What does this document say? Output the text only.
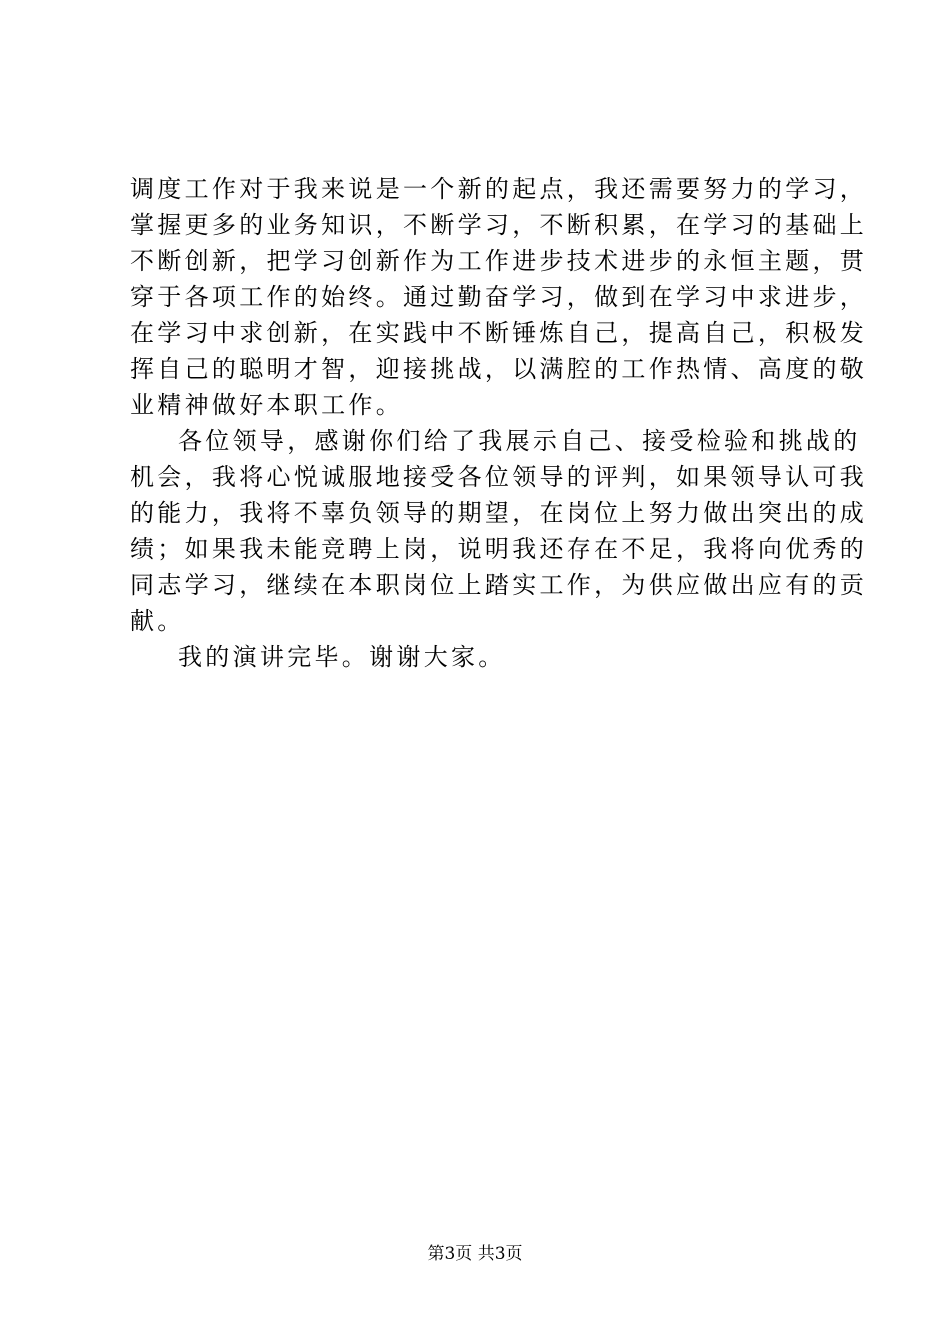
调度工作对于我来说是一个新的起点，我还需要努力的学习，
掌握更多的业务知识，不断学习，不断积累，在学习的基础上
不断创新，把学习创新作为工作进步技术进步的永恒主题，贯
穿于各项工作的始终。通过勤奋学习，做到在学习中求进步，
在学习中求创新，在实践中不断锤炼自己，提高自己，积极发
挥自己的聪明才智，迎接挑战，以满腔的工作热情、高度的敬
业精神做好本职工作。
各位领导，感谢你们给了我展示自己、接受检验和挑战的
机会，我将心悦诚服地接受各位领导的评判，如果领导认可我
的能力，我将不辜负领导的期望，在岗位上努力做出突出的成
绩；如果我未能竞聘上岗，说明我还存在不足，我将向优秀的
同志学习，继续在本职岗位上踏实工作，为供应做出应有的贡
献。
我的演讲完毕。谢谢大家。
第3页 共3页
